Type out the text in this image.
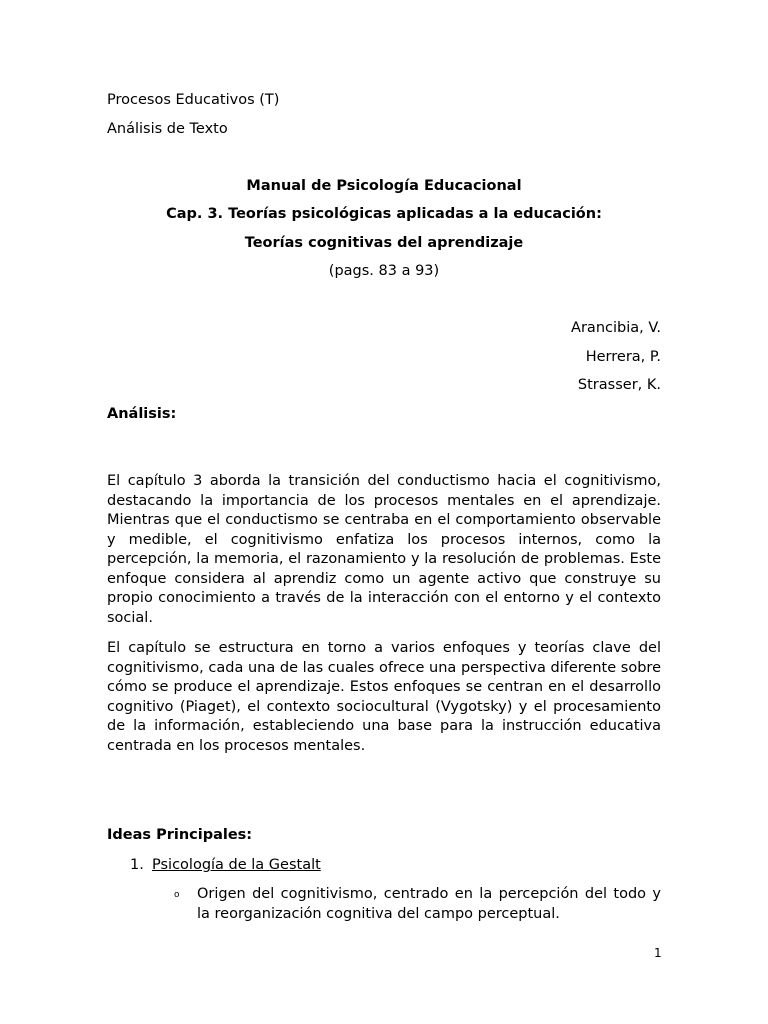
Procesos Educativos (T)
Análisis de Texto
Manual de Psicología Educacional
Cap. 3. Teorías psicológicas aplicadas a la educación:
Teorías cognitivas del aprendizaje
(pags. 83 a 93)
Arancibia, V.
Herrera, P.
Strasser, K.
Análisis:

El capítulo 3 aborda la transición del conductismo hacia el cognitivismo, destacando la importancia de los procesos mentales en el aprendizaje. Mientras que el conductismo se centraba en el comportamiento observable y medible, el cognitivismo enfatiza los procesos internos, como la percepción, la memoria, el razonamiento y la resolución de problemas. Este enfoque considera al aprendiz como un agente activo que construye su propio conocimiento a través de la interacción con el entorno y el contexto social.

El capítulo se estructura en torno a varios enfoques y teorías clave del cognitivismo, cada una de las cuales ofrece una perspectiva diferente sobre cómo se produce el aprendizaje. Estos enfoques se centran en el desarrollo cognitivo (Piaget), el contexto sociocultural (Vygotsky) y el procesamiento de la información, estableciendo una base para la instrucción educativa centrada en los procesos mentales.

Ideas Principales:
1. Psicología de la Gestalt
o Origen del cognitivismo, centrado en la percepción del todo y la reorganización cognitiva del campo perceptual.

1
